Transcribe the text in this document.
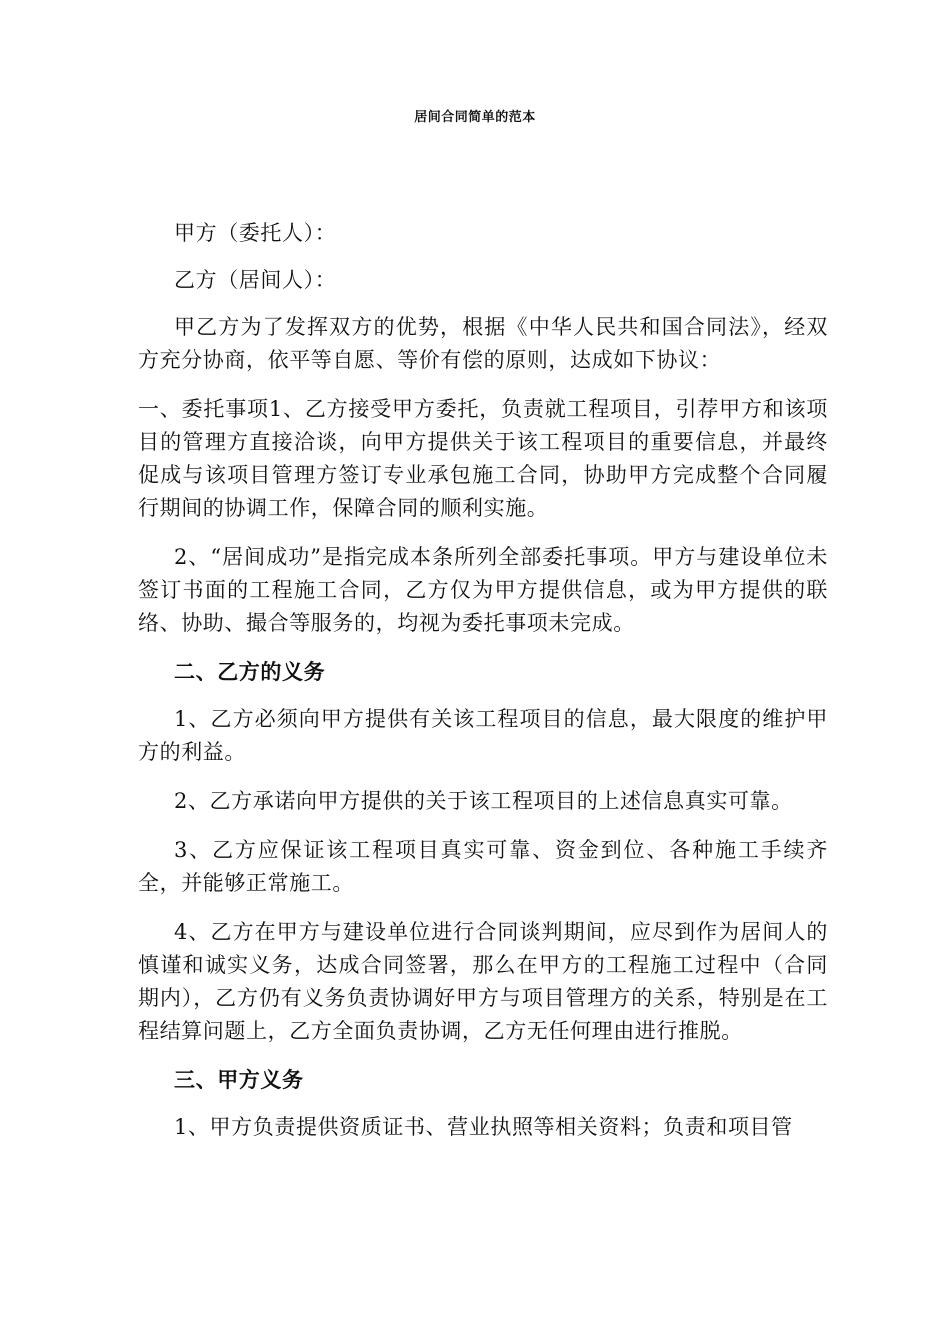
居间合同简单的范本

甲方（委托人）：

乙方（居间人）：

甲乙方为了发挥双方的优势，根据《中华人民共和国合同法》，经双方充分协商，依平等自愿、等价有偿的原则，达成如下协议：

一、委托事项1、乙方接受甲方委托，负责就工程项目，引荐甲方和该项目的管理方直接洽谈，向甲方提供关于该工程项目的重要信息，并最终促成与该项目管理方签订专业承包施工合同，协助甲方完成整个合同履行期间的协调工作，保障合同的顺利实施。

2、“居间成功”是指完成本条所列全部委托事项。甲方与建设单位未签订书面的工程施工合同，乙方仅为甲方提供信息，或为甲方提供的联络、协助、撮合等服务的，均视为委托事项未完成。

二、乙方的义务

1、乙方必须向甲方提供有关该工程项目的信息，最大限度的维护甲方的利益。

2、乙方承诺向甲方提供的关于该工程项目的上述信息真实可靠。

3、乙方应保证该工程项目真实可靠、资金到位、各种施工手续齐全，并能够正常施工。

4、乙方在甲方与建设单位进行合同谈判期间，应尽到作为居间人的慎谨和诚实义务，达成合同签署，那么在甲方的工程施工过程中（合同期内），乙方仍有义务负责协调好甲方与项目管理方的关系，特别是在工程结算问题上，乙方全面负责协调，乙方无任何理由进行推脱。

三、甲方义务

1、甲方负责提供资质证书、营业执照等相关资料；负责和项目管
